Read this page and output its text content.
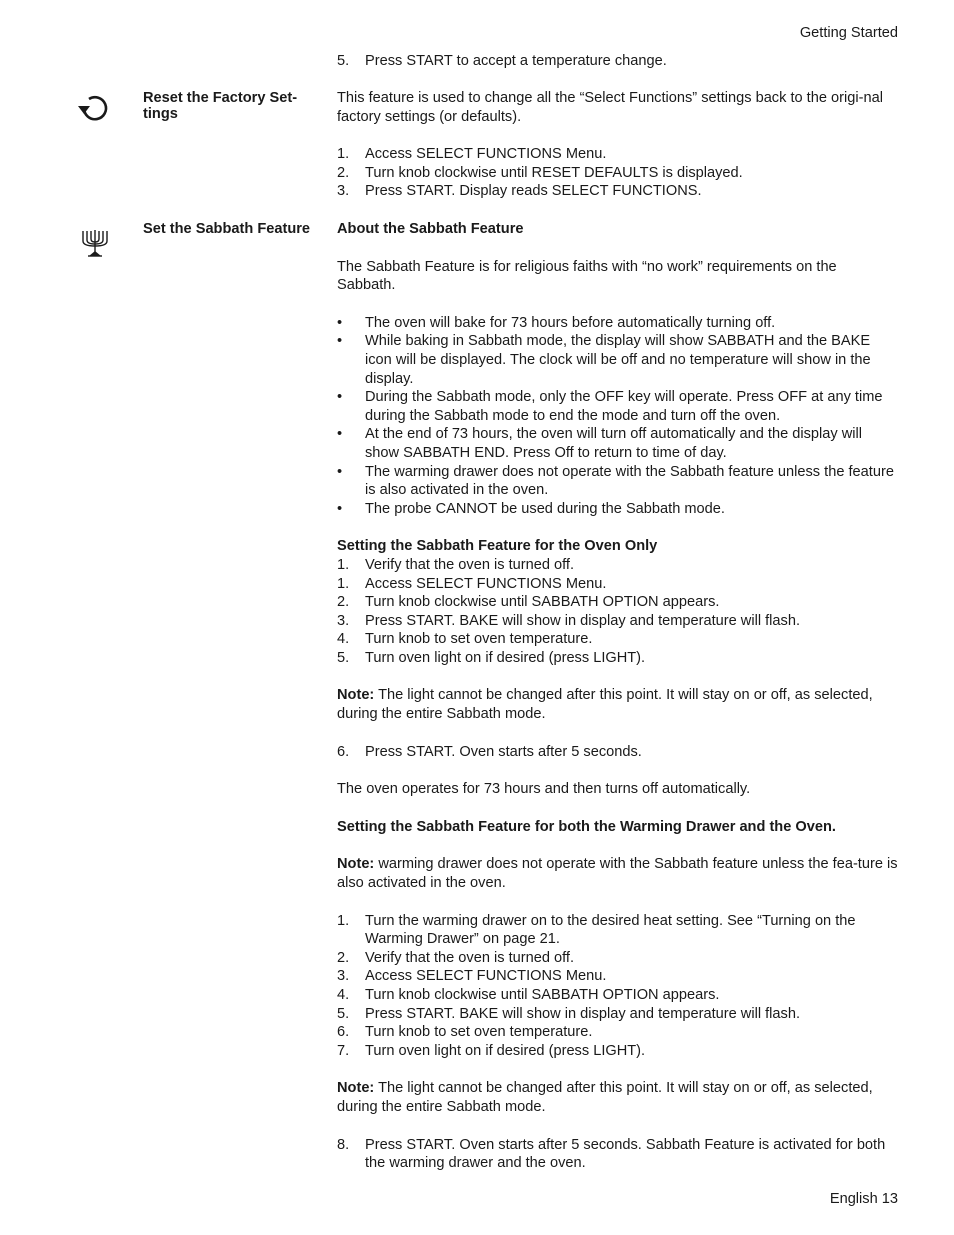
Getting Started
English 13
5. Press START to accept a temperature change.
Reset the Factory Set-tings

This feature is used to change all the “Select Functions” settings back to the origi-nal factory settings (or defaults).

1. Access SELECT FUNCTIONS Menu.
2. Turn knob clockwise until RESET DEFAULTS is displayed.
3. Press START. Display reads SELECT FUNCTIONS.
Set the Sabbath Feature	About the Sabbath Feature

The Sabbath Feature is for religious faiths with “no work” requirements on the Sabbath.

• The oven will bake for 73 hours before automatically turning off.
• While baking in Sabbath mode, the display will show SABBATH and the BAKE icon will be displayed. The clock will be off and no temperature will show in the display.
• During the Sabbath mode, only the OFF key will operate. Press OFF at any time during the Sabbath mode to end the mode and turn off the oven.
• At the end of 73 hours, the oven will turn off automatically and the display will show SABBATH END. Press Off to return to time of day.
• The warming drawer does not operate with the Sabbath feature unless the feature is also activated in the oven.
• The probe CANNOT be used during the Sabbath mode.

Setting the Sabbath Feature for the Oven Only

1. Verify that the oven is turned off.
1. Access SELECT FUNCTIONS Menu.
2. Turn knob clockwise until SABBATH OPTION appears.
3. Press START. BAKE will show in display and temperature will flash.
4. Turn knob to set oven temperature.
5. Turn oven light on if desired (press LIGHT).

Note: The light cannot be changed after this point. It will stay on or off, as selected, during the entire Sabbath mode.

6. Press START. Oven starts after 5 seconds.

The oven operates for 73 hours and then turns off automatically.

Setting the Sabbath Feature for both the Warming Drawer and the Oven.

Note: warming drawer does not operate with the Sabbath feature unless the fea-ture is also activated in the oven.

1. Turn the warming drawer on to the desired heat setting. See “Turning on the Warming Drawer” on page 21.
2. Verify that the oven is turned off.
3. Access SELECT FUNCTIONS Menu.
4. Turn knob clockwise until SABBATH OPTION appears.
5. Press START. BAKE will show in display and temperature will flash.
6. Turn knob to set oven temperature.
7. Turn oven light on if desired (press LIGHT).

Note: The light cannot be changed after this point. It will stay on or off, as selected, during the entire Sabbath mode.

8. Press START. Oven starts after 5 seconds. Sabbath Feature is activated for both the warming drawer and the oven.
